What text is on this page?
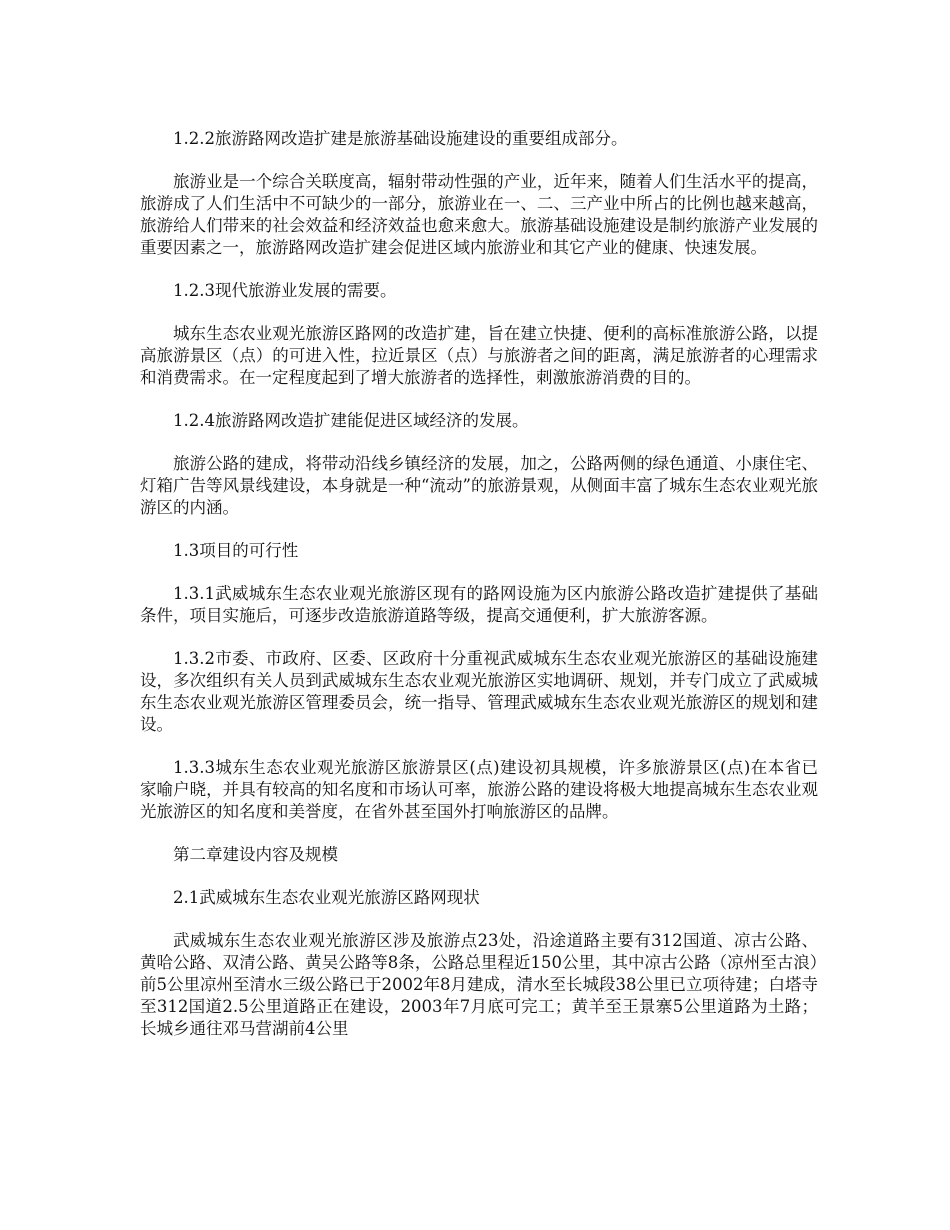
1.2.2旅游路网改造扩建是旅游基础设施建设的重要组成部分。

旅游业是一个综合关联度高，辐射带动性强的产业，近年来，随着人们生活水平的提高，旅游成了人们生活中不可缺少的一部分，旅游业在一、二、三产业中所占的比例也越来越高，旅游给人们带来的社会效益和经济效益也愈来愈大。旅游基础设施建设是制约旅游产业发展的重要因素之一，旅游路网改造扩建会促进区域内旅游业和其它产业的健康、快速发展。

1.2.3现代旅游业发展的需要。

城东生态农业观光旅游区路网的改造扩建，旨在建立快捷、便利的高标准旅游公路，以提高旅游景区（点）的可进入性，拉近景区（点）与旅游者之间的距离，满足旅游者的心理需求和消费需求。在一定程度起到了增大旅游者的选择性，刺激旅游消费的目的。

1.2.4旅游路网改造扩建能促进区域经济的发展。

旅游公路的建成，将带动沿线乡镇经济的发展，加之，公路两侧的绿色通道、小康住宅、灯箱广告等风景线建设，本身就是一种“流动”的旅游景观，从侧面丰富了城东生态农业观光旅游区的内涵。

1.3项目的可行性

1.3.1武威城东生态农业观光旅游区现有的路网设施为区内旅游公路改造扩建提供了基础条件，项目实施后，可逐步改造旅游道路等级，提高交通便利，扩大旅游客源。

1.3.2市委、市政府、区委、区政府十分重视武威城东生态农业观光旅游区的基础设施建设，多次组织有关人员到武威城东生态农业观光旅游区实地调研、规划，并专门成立了武威城东生态农业观光旅游区管理委员会，统一指导、管理武威城东生态农业观光旅游区的规划和建设。

1.3.3城东生态农业观光旅游区旅游景区(点)建设初具规模，许多旅游景区(点)在本省已家喻户晓，并具有较高的知名度和市场认可率，旅游公路的建设将极大地提高城东生态农业观光旅游区的知名度和美誉度，在省外甚至国外打响旅游区的品牌。

第二章建设内容及规模

2.1武威城东生态农业观光旅游区路网现状

武威城东生态农业观光旅游区涉及旅游点23处，沿途道路主要有312国道、凉古公路、黄哈公路、双清公路、黄吴公路等8条，公路总里程近150公里，其中凉古公路（凉州至古浪）前5公里凉州至清水三级公路已于2002年8月建成，清水至长城段38公里已立项待建；白塔寺至312国道2.5公里道路正在建设，2003年7月底可完工；黄羊至王景寨5公里道路为土路；长城乡通往邓马营湖前4公里
